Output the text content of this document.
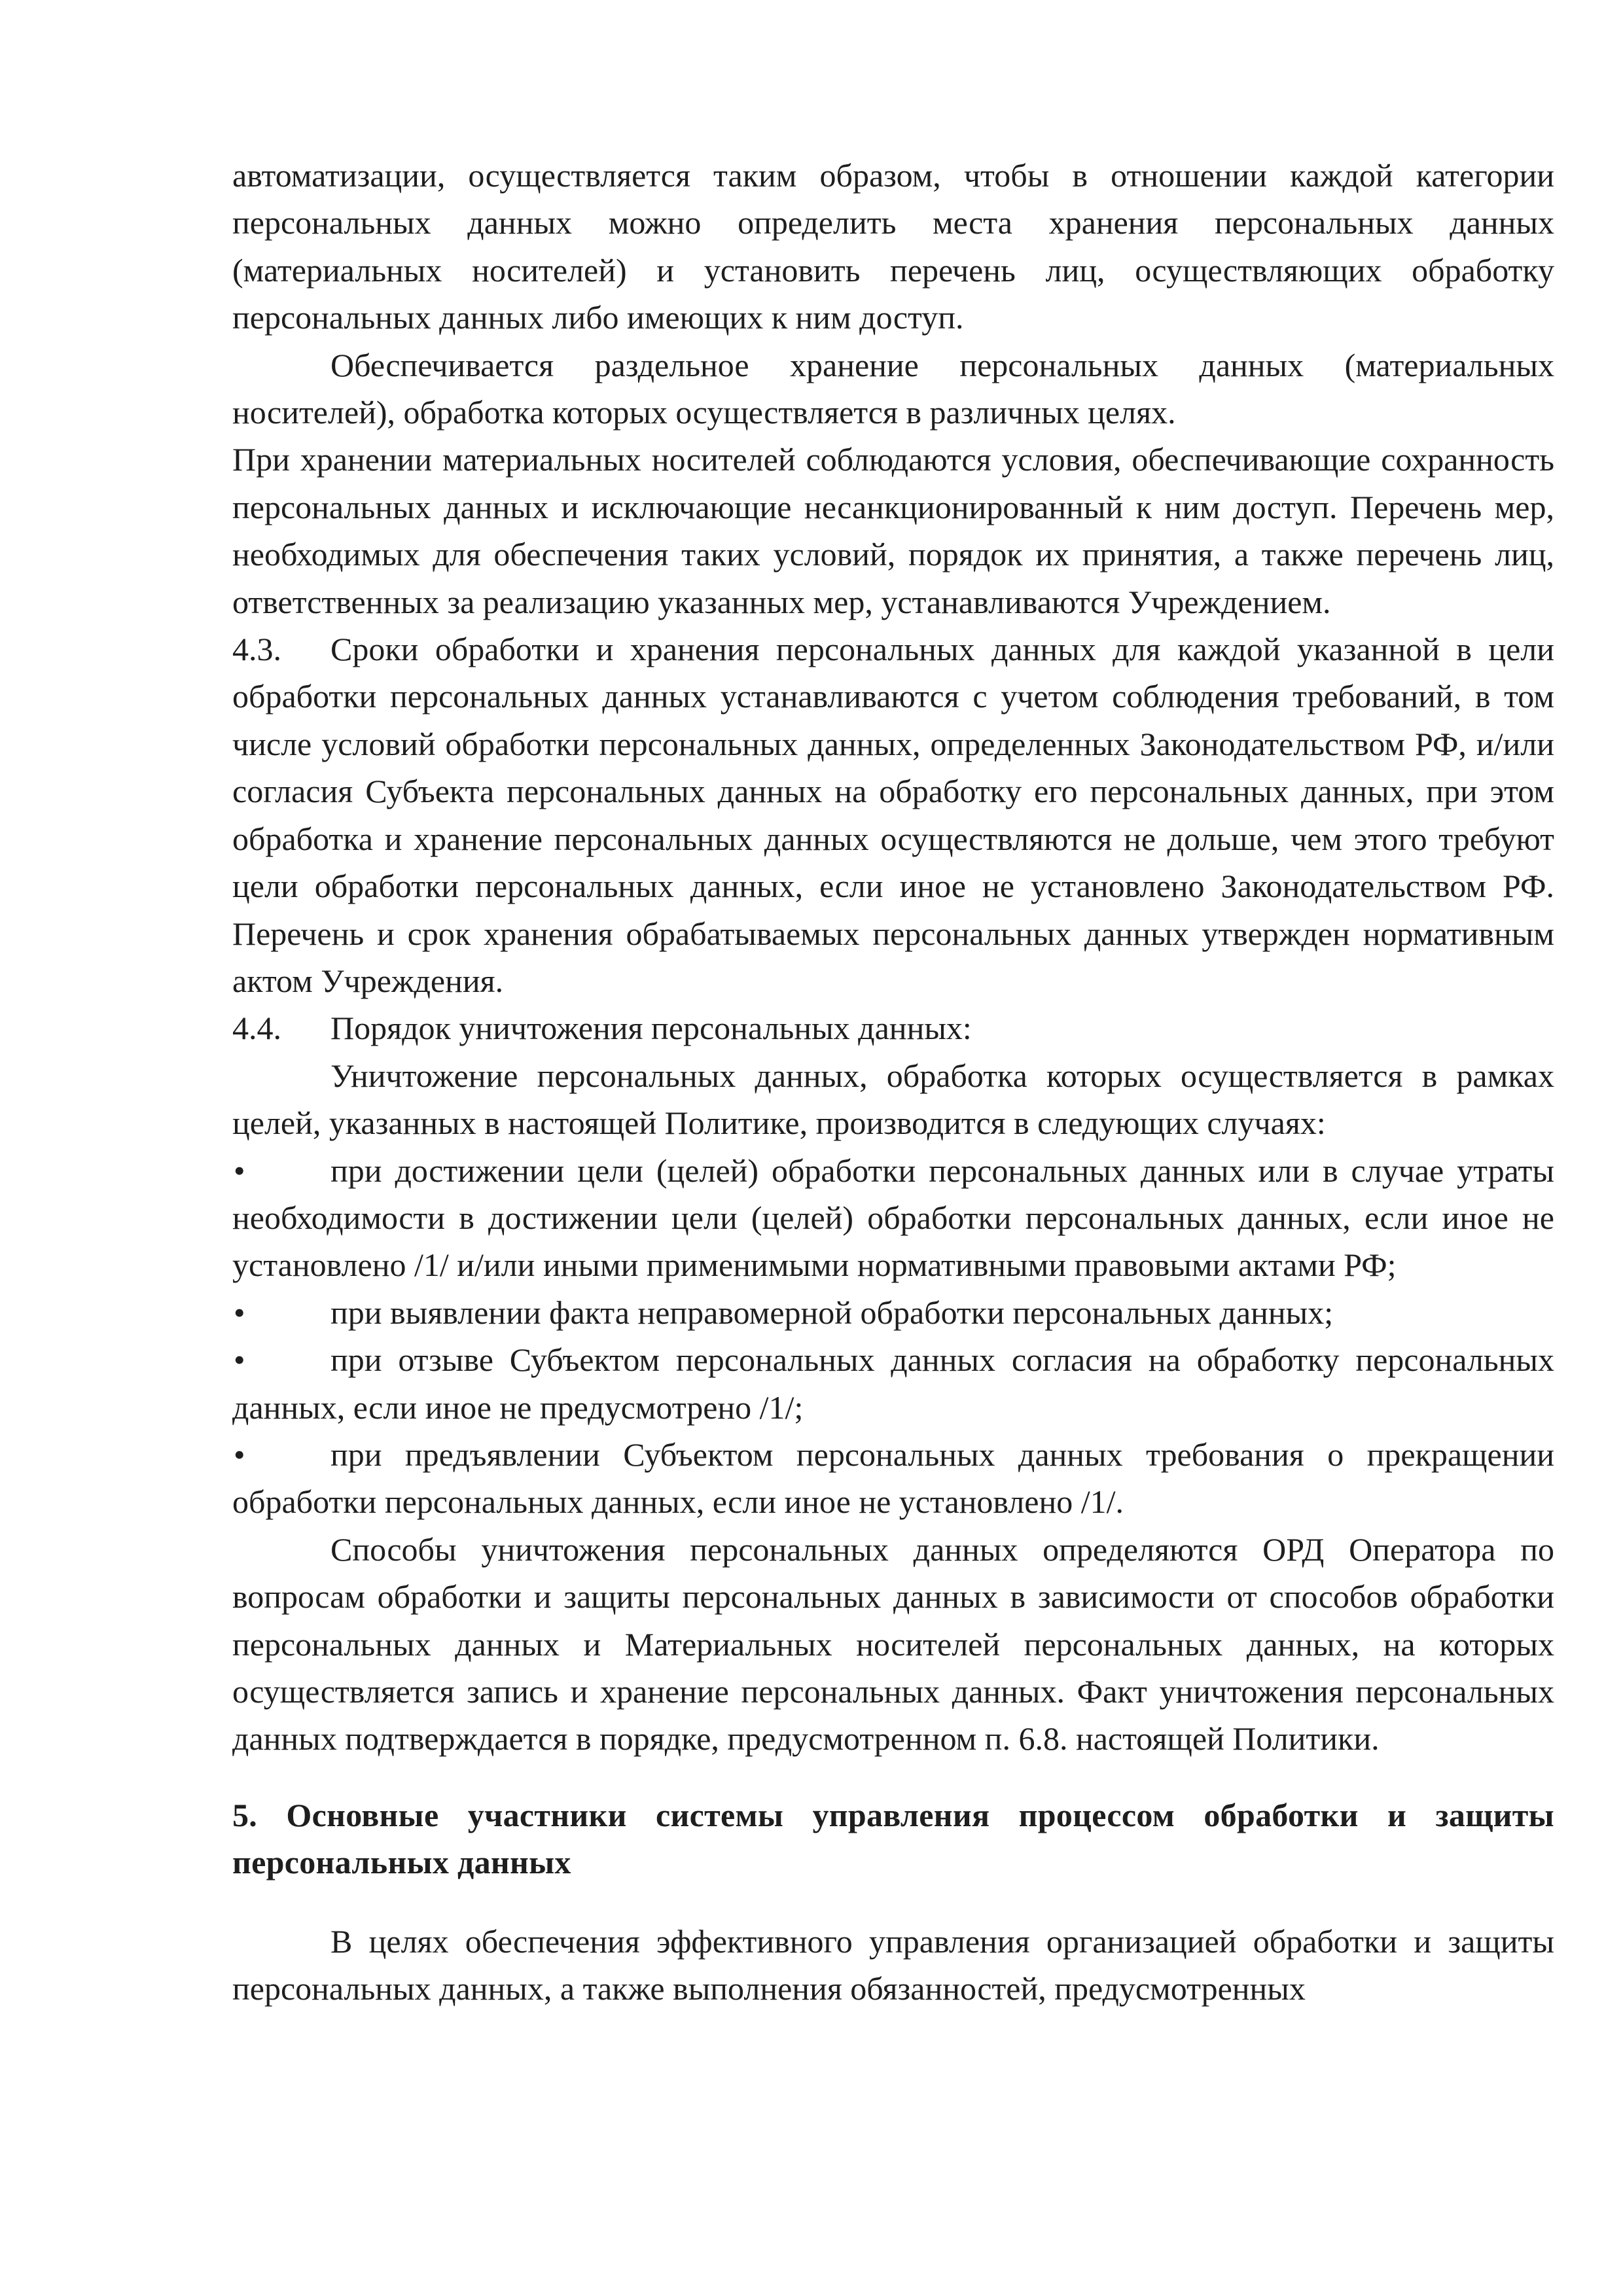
автоматизации, осуществляется таким образом, чтобы в отношении каждой категории персональных данных можно определить места хранения персональных данных (материальных носителей) и установить перечень лиц, осуществляющих обработку персональных данных либо имеющих к ним доступ.

Обеспечивается раздельное хранение персональных данных (материальных носителей), обработка которых осуществляется в различных целях.

При хранении материальных носителей соблюдаются условия, обеспечивающие сохранность персональных данных и исключающие несанкционированный к ним доступ. Перечень мер, необходимых для обеспечения таких условий, порядок их принятия, а также перечень лиц, ответственных за реализацию указанных мер, устанавливаются Учреждением.

4.3. Сроки обработки и хранения персональных данных для каждой указанной в цели обработки персональных данных устанавливаются с учетом соблюдения требований, в том числе условий обработки персональных данных, определенных Законодательством РФ, и/или согласия Субъекта персональных данных на обработку его персональных данных, при этом обработка и хранение персональных данных осуществляются не дольше, чем этого требуют цели обработки персональных данных, если иное не установлено Законодательством РФ. Перечень и срок хранения обрабатываемых персональных данных утвержден нормативным актом Учреждения.

4.4. Порядок уничтожения персональных данных:

Уничтожение персональных данных, обработка которых осуществляется в рамках целей, указанных в настоящей Политике, производится в следующих случаях:

•	при достижении цели (целей) обработки персональных данных или в случае утраты необходимости в достижении цели (целей) обработки персональных данных, если иное не установлено /1/ и/или иными применимыми нормативными правовыми актами РФ;

•	при выявлении факта неправомерной обработки персональных данных;

•	при отзыве Субъектом персональных данных согласия на обработку персональных данных, если иное не предусмотрено /1/;

•	при предъявлении Субъектом персональных данных требования о прекращении обработки персональных данных, если иное не установлено /1/.

Способы уничтожения персональных данных определяются ОРД Оператора по вопросам обработки и защиты персональных данных в зависимости от способов обработки персональных данных и Материальных носителей персональных данных, на которых осуществляется запись и хранение персональных данных. Факт уничтожения персональных данных подтверждается в порядке, предусмотренном п. 6.8. настоящей Политики.

5. Основные участники системы управления процессом обработки и защиты персональных данных

В целях обеспечения эффективного управления организацией обработки и защиты персональных данных, а также выполнения обязанностей, предусмотренных
